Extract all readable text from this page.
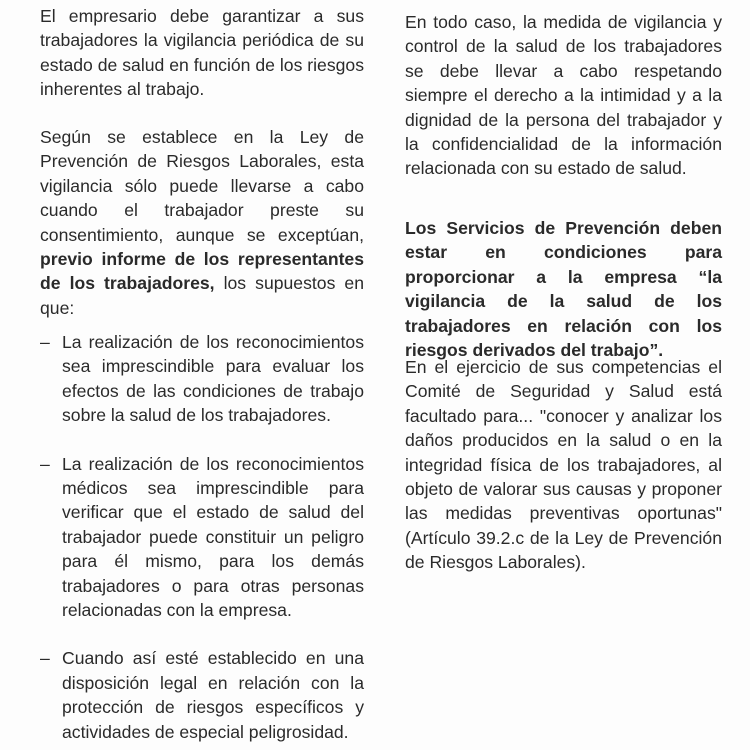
El empresario debe garantizar a sus trabajadores la vigilancia periódica de su estado de salud en función de los riesgos inherentes al trabajo.

Según se establece en la Ley de Prevención de Riesgos Laborales, esta vigilancia sólo puede llevarse a cabo cuando el trabajador preste su consentimiento, aunque se exceptúan, previo informe de los representantes de los trabajadores, los supuestos en que:

– La realización de los reconocimientos sea imprescindible para evaluar los efectos de las condiciones de trabajo sobre la salud de los trabajadores.
– La realización de los reconocimientos médicos sea imprescindible para verificar que el estado de salud del trabajador puede constituir un peligro para él mismo, para los demás trabajadores o para otras personas relacionadas con la empresa.
– Cuando así esté establecido en una disposición legal en relación con la protección de riesgos específicos y actividades de especial peligrosidad.

En todo caso, la medida de vigilancia y control de la salud de los trabajadores se debe llevar a cabo respetando siempre el derecho a la intimidad y a la dignidad de la persona del trabajador y la confidencialidad de la información relacionada con su estado de salud.

Los Servicios de Prevención deben estar en condiciones para proporcionar a la empresa “la vigilancia de la salud de los trabajadores en relación con los riesgos derivados del trabajo”.

En el ejercicio de sus competencias el Comité de Seguridad y Salud está facultado para... "conocer y analizar los daños producidos en la salud o en la integridad física de los trabajadores, al objeto de valorar sus causas y proponer las medidas preventivas oportunas" (Artículo 39.2.c de la Ley de Prevención de Riesgos Laborales).
